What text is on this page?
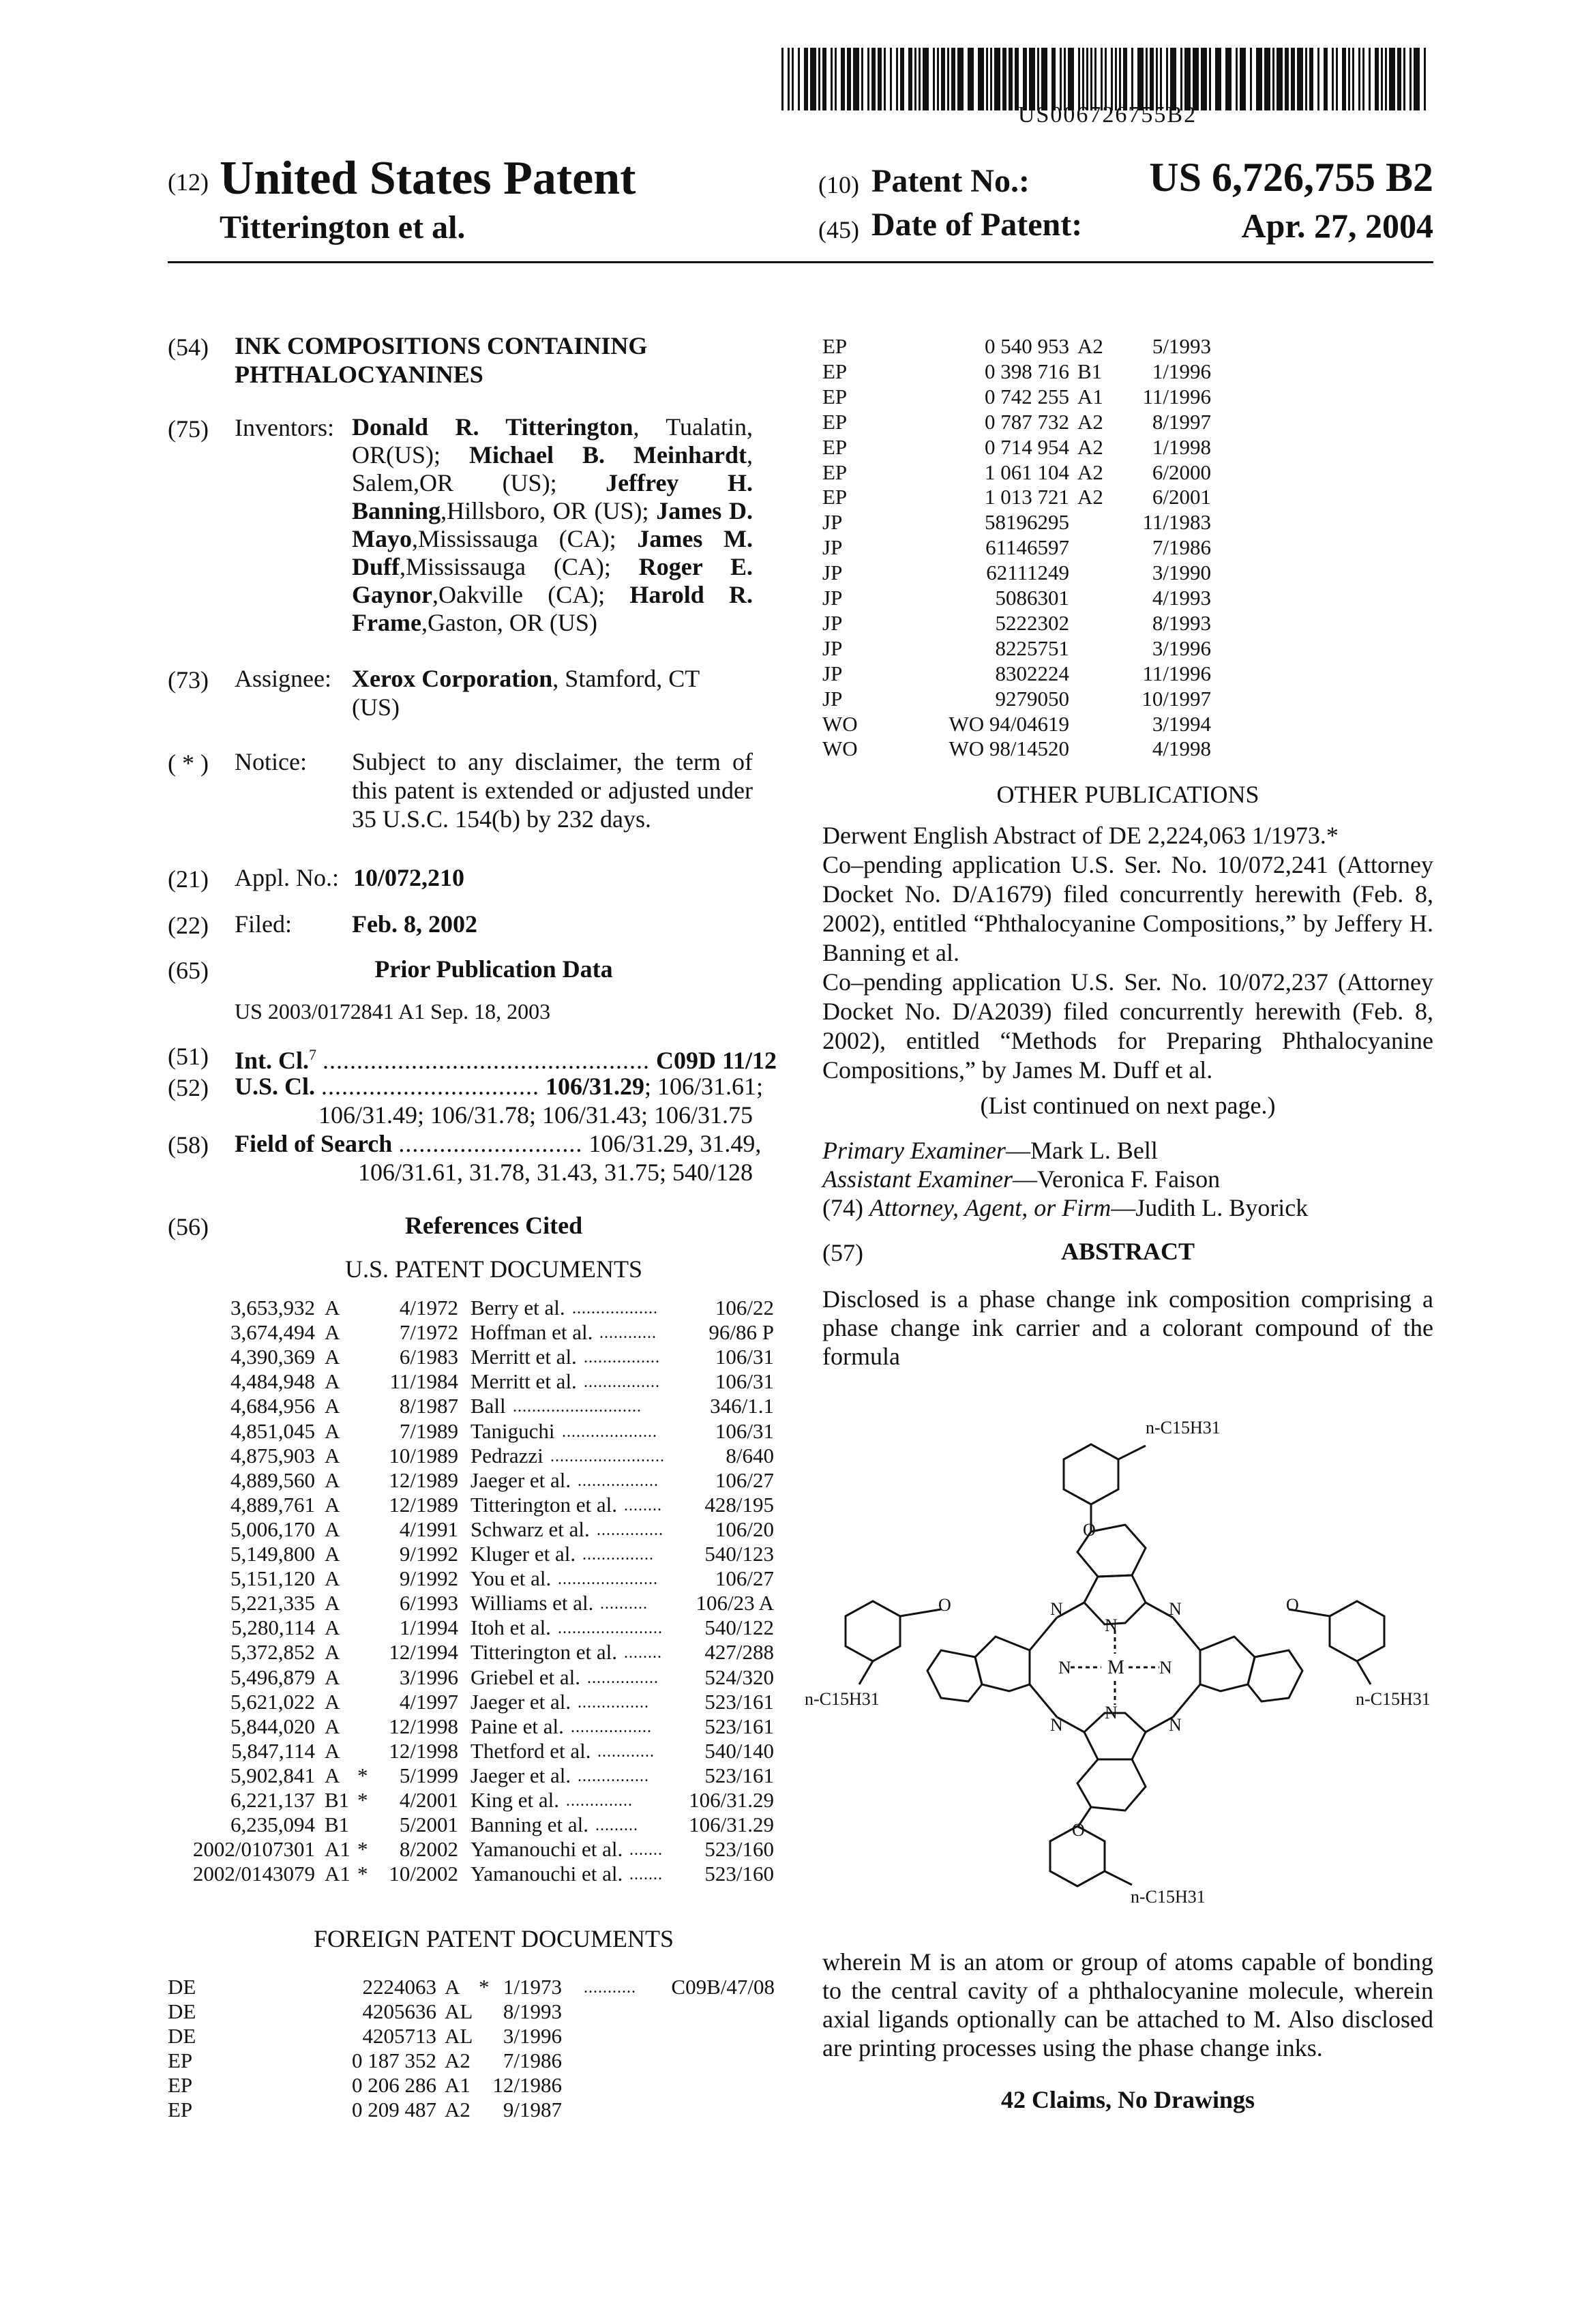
US006726755B2
(12) United States Patent
Titterington et al.
(10) Patent No.:	US 6,726,755 B2
(45) Date of Patent:	Apr. 27, 2004
(54) INK COMPOSITIONS CONTAINING PHTHALOCYANINES
(75) Inventors: Donald R. Titterington, Tualatin, OR(US); Michael B. Meinhardt, Salem,OR (US); Jeffrey H. Banning,Hillsboro, OR (US); James D. Mayo,Mississauga (CA); James M. Duff,Mississauga (CA); Roger E. Gaynor,Oakville (CA); Harold R. Frame,Gaston, OR (US)
(73) Assignee: Xerox Corporation, Stamford, CT
(US)
( * ) Notice: Subject to any disclaimer, the term of this patent is extended or adjusted under 35 U.S.C. 154(b) by 232 days.
(21) Appl. No.: 10/072,210
(22) Filed: Feb. 8, 2002
(65)	Prior Publication Data
US 2003/0172841 A1 Sep. 18, 2003
(51) Int. Cl.7 ................................................ C09D 11/12
(52) U.S. Cl. ................................ 106/31.29; 106/31.61;
106/31.49; 106/31.78; 106/31.43; 106/31.75
(58) Field of Search ........................... 106/31.29, 31.49,
106/31.61, 31.78, 31.43, 31.75; 540/128
(56)	References Cited
U.S. PATENT DOCUMENTS
3,653,932 A	4/1972 Berry et al. ..................	106/22
3,674,494 A	7/1972 Hoffman et al. ............ 96/86 P
4,390,369 A	6/1983 Merritt et al. ................	106/31
4,484,948 A 11/1984 Merritt et al. ................	106/31
4,684,956 A	8/1987 Ball ...........................	346/1.1
4,851,045 A	7/1989 Taniguchi ....................	106/31
4,875,903 A 10/1989 Pedrazzi ........................	8/640
4,889,560 A 12/1989 Jaeger et al. .................	106/27
4,889,761 A 12/1989 Titterington et al. ........ 428/195
5,006,170 A	4/1991 Schwarz et al. .............. 106/20
5,149,800 A	9/1992 Kluger et al. ............... 540/123
5,151,120 A	9/1992 You et al. .....................	106/27
5,221,335 A	6/1993 Williams et al. .......... 106/23 A
5,280,114 A	1/1994 Itoh et al. ...................... 540/122
5,372,852 A 12/1994 Titterington et al. ........ 427/288
5,496,879 A	3/1996 Griebel et al. ............... 524/320
5,621,022 A	4/1997 Jaeger et al. ...............	523/161
5,844,020 A 12/1998 Paine et al. ................. 523/161
5,847,114 A 12/1998 Thetford et al. ............ 540/140
5,902,841 A * 5/1999 Jaeger et al. ...............	523/161
6,221,137 B1 * 4/2001 King et al. ..............	106/31.29
6,235,094 B1 5/2001 Banning et al. ......... 106/31.29
2002/0107301 A1 * 8/2002 Yamanouchi et al. ....... 523/160
2002/0143079 A1 * 10/2002 Yamanouchi et al. ....... 523/160
FOREIGN PATENT DOCUMENTS
DE	2224063 A * 1/1973 ........... C09B/47/08
DE	4205636 AL 8/1993
DE	4205713 AL 3/1996
EP	0 187 352 A2 7/1986
EP	0 206 286 A1 12/1986
EP	0 209 487 A2 9/1987
EP	0 540 953 A2 5/1993
EP	0 398 716 B1 1/1996
EP	0 742 255 A1 11/1996
EP	0 787 732 A2 8/1997
EP	0 714 954 A2 1/1998
EP	1 061 104 A2 6/2000
EP	1 013 721 A2 6/2001
JP	58196295	11/1983
JP	61146597	7/1986
JP	62111249	3/1990
JP	5086301	4/1993
JP	5222302	8/1993
JP	8225751	3/1996
JP	8302224	11/1996
JP	9279050	10/1997
WO	WO 94/04619	3/1994
WO	WO 98/14520	4/1998
OTHER PUBLICATIONS
Derwent English Abstract of DE 2,224,063 1/1973.*
Co–pending application U.S. Ser. No. 10/072,241 (Attorney Docket No. D/A1679) filed concurrently herewith (Feb. 8, 2002), entitled “Phthalocyanine Compositions,” by Jeffery H. Banning et al.
Co–pending application U.S. Ser. No. 10/072,237 (Attorney Docket No. D/A2039) filed concurrently herewith (Feb. 8, 2002), entitled “Methods for Preparing Phthalocyanine Compositions,” by James M. Duff et al.
(List continued on next page.)
Primary Examiner—Mark L. Bell
Assistant Examiner—Veronica F. Faison
(74) Attorney, Agent, or Firm—Judith L. Byorick
(57)	ABSTRACT
Disclosed is a phase change ink composition comprising a phase change ink carrier and a colorant compound of the formula
n-C15H31
O
N	N
M
N
N	N
N
N	N
O	O
n-C15H31	n-C15H31
O
n-C15H31
wherein M is an atom or group of atoms capable of bonding to the central cavity of a phthalocyanine molecule, wherein axial ligands optionally can be attached to M. Also disclosed are printing processes using the phase change inks.
42 Claims, No Drawings
